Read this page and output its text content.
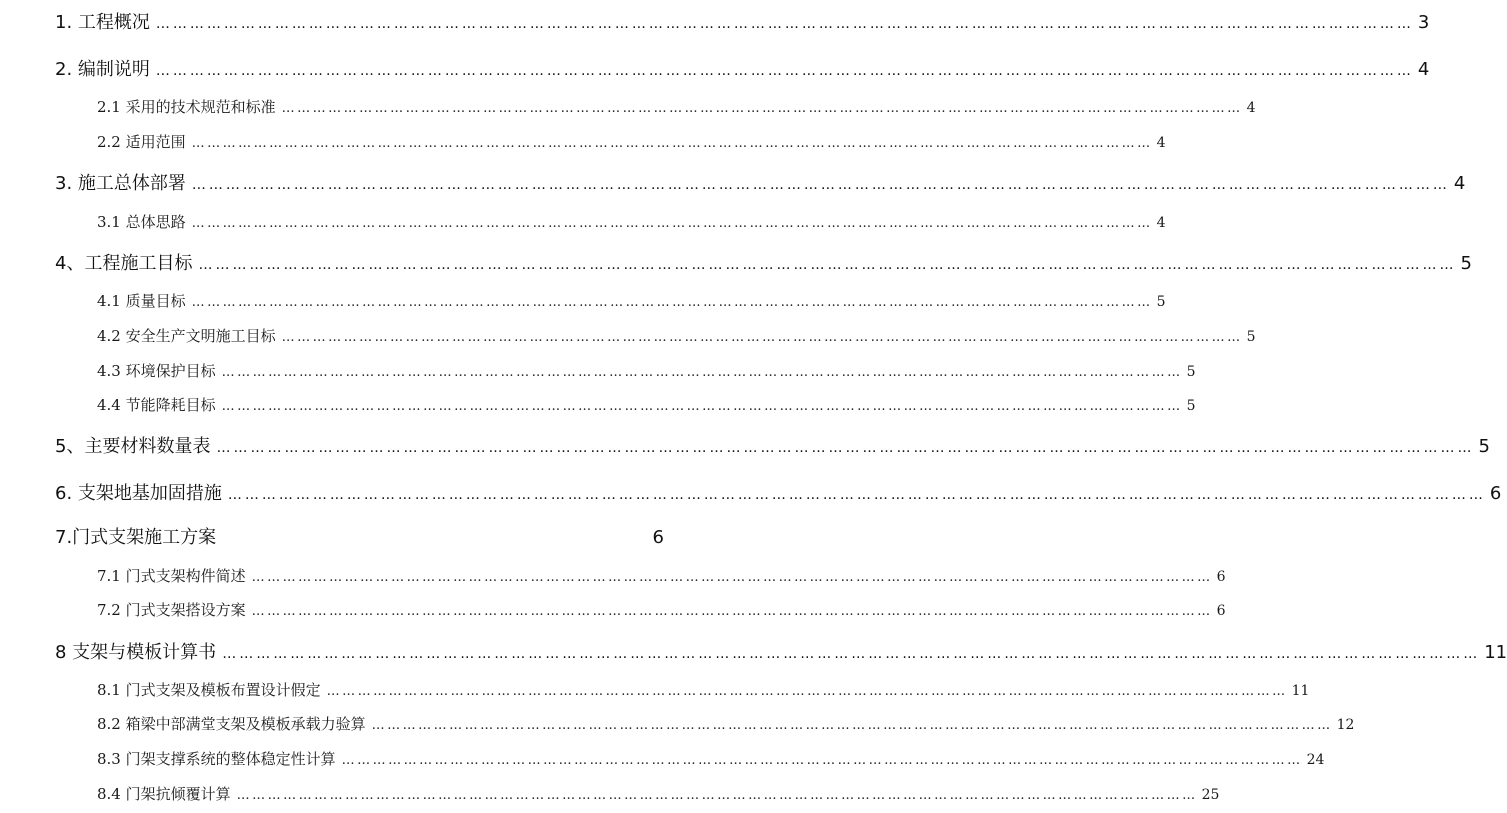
1. 工程概况 …………………………………………………………………………………………………………………………………………………………………………………………………… 3
2. 编制说明 …………………………………………………………………………………………………………………………………………………………………………………………………… 4
2.1 采用的技术规范和标准 …………………………………………………………………………………………………………………………………………………………………… 4
2.2 适用范围 …………………………………………………………………………………………………………………………………………………………………… 4
3. 施工总体部署 …………………………………………………………………………………………………………………………………………………………………………………………………… 4
3.1 总体思路 …………………………………………………………………………………………………………………………………………………………………… 4
4、工程施工目标 …………………………………………………………………………………………………………………………………………………………………………………………………… 5
4.1 质量目标 …………………………………………………………………………………………………………………………………………………………………… 5
4.2 安全生产文明施工目标 …………………………………………………………………………………………………………………………………………………………………… 5
4.3 环境保护目标 …………………………………………………………………………………………………………………………………………………………………… 5
4.4 节能降耗目标 …………………………………………………………………………………………………………………………………………………………………… 5
5、主要材料数量表 …………………………………………………………………………………………………………………………………………………………………………………………………… 5
6. 支架地基加固措施 …………………………………………………………………………………………………………………………………………………………………………………………………… 6
7.门式支架施工方案	6
7.1 门式支架构件简述 …………………………………………………………………………………………………………………………………………………………………… 6
7.2 门式支架搭设方案 …………………………………………………………………………………………………………………………………………………………………… 6
8 支架与模板计算书 …………………………………………………………………………………………………………………………………………………………………………………………………… 11
8.1 门式支架及模板布置设计假定 …………………………………………………………………………………………………………………………………………………………………… 11
8.2 箱梁中部满堂支架及模板承载力验算 …………………………………………………………………………………………………………………………………………………………………… 12
8.3 门架支撑系统的整体稳定性计算 …………………………………………………………………………………………………………………………………………………………………… 24
8.4 门架抗倾覆计算 …………………………………………………………………………………………………………………………………………………………………… 25
